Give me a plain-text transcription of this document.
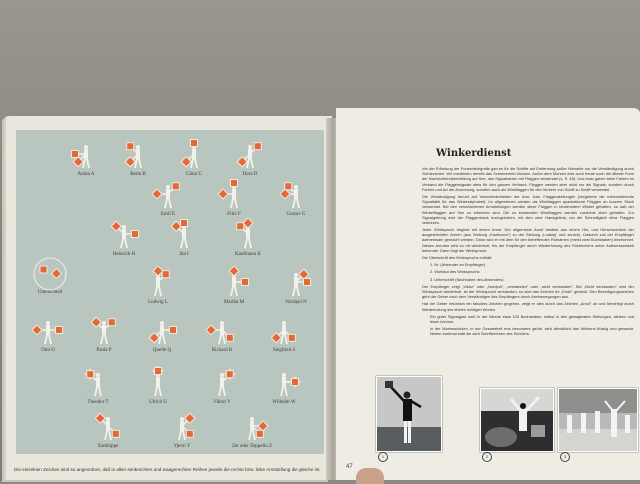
Anton A	Berta B	Cäsar C	Dora D
Emil E	Fritz F	Gustav G
Heinrich H	Ida I	Kaufmann K
Ludwig L	Martha M	Nordpol N
Otto O	Paula P	Quelle Q	Richard R	Siegfried S
Theodor T	Ulrich U	Viktor V	Wilhelm W
Xanthippe	Ypern Y	Zet oder Zeppelin Z
Unterschied
Die einzelnen Zeichen sind so angeordnet, daß in allen senkrechten und waagerechten Reihen jeweils die rechte bzw. linke Armstellung die gleiche ist.
Winkerdienst

Vor der Erfindung der Funkentelegrafie gab es für die Schiffe auf Entfernung außer Hörweite nur die Verständigung durch Sichtzeichen. Wir erwähnten bereits das Scheinwerfer-Morsen. Außer dem Morsen wird auch heute noch die älteste Form der Nachrichtenübermittlung auf See, das Signalisieren mit Flaggen verwendet (s. S. 48). Und zwar gaben beim Fahren im Verband die Flaggensignale stets für den ganzen Verband. Flaggen werden aber nicht nur als Signale, sondern durch Farben und Art der Anordnung, sondern auch als Winkflaggen für den Verkehr von Schiff zu Schiff verwendet.

Die Verständigung beruht auf Verschiedenheiten der Arm- bzw. Flaggenstellungen (vergleiche die nebenstehende Signaltafel für das Winkeralphabet). Im allgemeinen werden als Winkflaggen quadratische Flaggen an kurzem Stock verwendet. Bei den verschiedenen Armstellungen werden diese Flaggen in bestimmtem Winkel gehalten, so daß der Winkelflaggen auf See zu erkennen sind. Die zu senkenden Winkflaggen werden zunächst oben gehalten. Zur Signalgebung wird der Flaggenstock hochgehoben, mit Arm oder Handgelenk, um die Schnelligkeit ohne Flaggen verkürzen.

Jeder Winkspruch beginnt mit einem Anruf. Der allgemeine Anruf besteht aus einem Hin- und Herschwenken der ausgestreckten Armen (aus Stellung „Kaufmann") zu der Stellung „Ludwig" und zurück). Dadurch soll der Empfänger aufmerksam gemacht werden. Dann wird er mit dem für den betreffenden Rufnamen (meist zwei Buchstaben) bezeichnet. Dieses Anrufen wird so oft wiederholt, bis der Empfänger durch Wiederholung des Rufzeichens seine Aufmerksamkeit bekundet. Dann folgt der Winkspruch.

Die Überschrift des Winkspruchs enthält:

1. Nr. (Absender an Empfänger)

2. Wortlaut des Winkspruchs

3. Unterschrift (Nachname des Absenders)

Der Empfänger zeigt „Viktor" oder „Nordpol", „verstanden" oder „nicht verstanden". Bei „Nicht verstanden" wird der Winkspruch wiederholt. Ist der Winkspruch verstanden, so wird das Zeichen für „Ende" gewinkt. Den Beendigungszeichen geht der Geber nach dem Verständigen des Empfängers durch Armbewegungen aus.

Hat der Geber irrtümlich ein falsches Zeichen gegeben, zeigt er dies durch das Zeichen „Anruf" an und berichtigt durch Wiederholung des letzten richtigen Wortes.

Ein guter Signalgast muß in der Minute etwa 100 Buchstaben, selbst in den gewagtesten Stellungen, winken und lesen können.

In der Marineschulen, in der Gesamtheit erst besonders geübt, wird allmählich das Winkens flüssig und gewandt. Neben zweimal statt die acht Schriftzeichen des Schülers.

1	2	3
47
